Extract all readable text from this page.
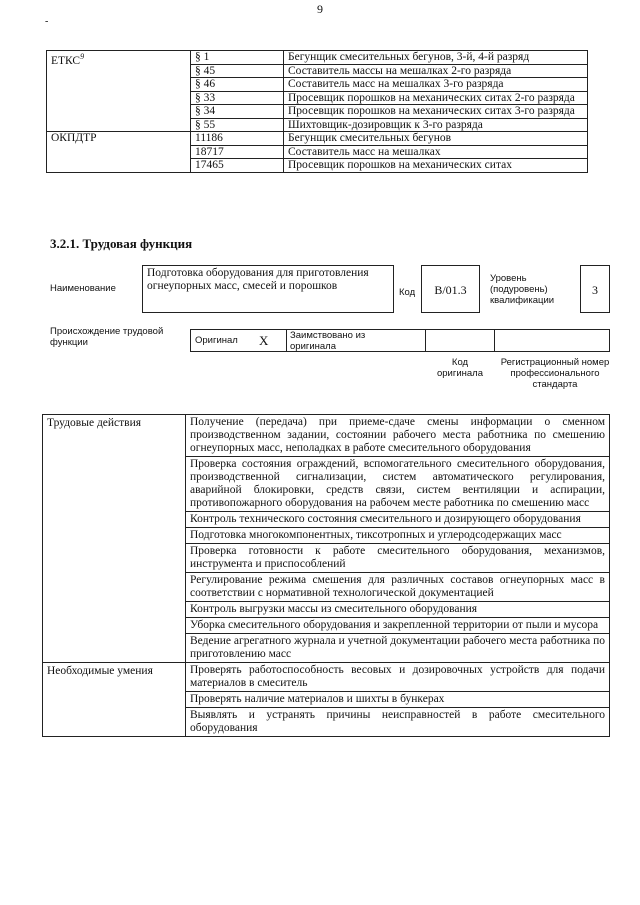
9
-
ЕТКС$^9$	§ 1	Бегунщик смесительных бегунов, 3-й, 4-й разряд
	§ 45	Составитель массы на мешалках 2-го разряда
	§ 46	Составитель масс на мешалках 3-го разряда
	§ 33	Просевщик порошков на механических ситах 2-го разряда
	§ 34	Просевщик порошков на механических ситах 3-го разряда
	§ 55	Шихтовщик-дозировщик к 3-го разряда
ОКПДТР	11186	Бегунщик смесительных бегунов
	18717	Составитель масс на мешалках
	17465	Просевщик порошков на механических ситах
3.2.1. Трудовая функция
Наименование
Подготовка оборудования для приготовления огнеупорных масс, смесей и порошков
Код	B/01.3
Уровень (подуровень) квалификации
3
Происхождение трудовой функции	Оригинал X Заимствовано из оригинала
Код оригинала
Регистрационный номер профессионального стандарта
Трудовые действия	Получение (передача) при приеме-сдаче смены информации о сменном производственном задании, состоянии рабочего места работника по смешению огнеупорных масс, неполадках в работе смесительного оборудования
	Проверка состояния ограждений, вспомогательного смесительного оборудования, производственной сигнализации, систем автоматического регулирования, аварийной блокировки, средств связи, систем вентиляции и аспирации, противопожарного оборудования на рабочем месте работника по смешению масс
	Контроль технического состояния смесительного и дозирующего оборудования
	Подготовка многокомпонентных, тиксотропных и углеродсодержащих масс
	Проверка готовности к работе смесительного оборудования, механизмов, инструмента и приспособлений
	Регулирование режима смешения для различных составов огнеупорных масс в соответствии с нормативной технологической документацией
	Контроль выгрузки массы из смесительного оборудования
	Уборка смесительного оборудования и закрепленной территории от пыли и мусора
	Ведение агрегатного журнала и учетной документации рабочего места работника по приготовлению масс
Необходимые умения	Проверять работоспособность весовых и дозировочных устройств для подачи материалов в смеситель
	Проверять наличие материалов и шихты в бункерах
	Выявлять и устранять причины неисправностей в работе смесительного оборудования
